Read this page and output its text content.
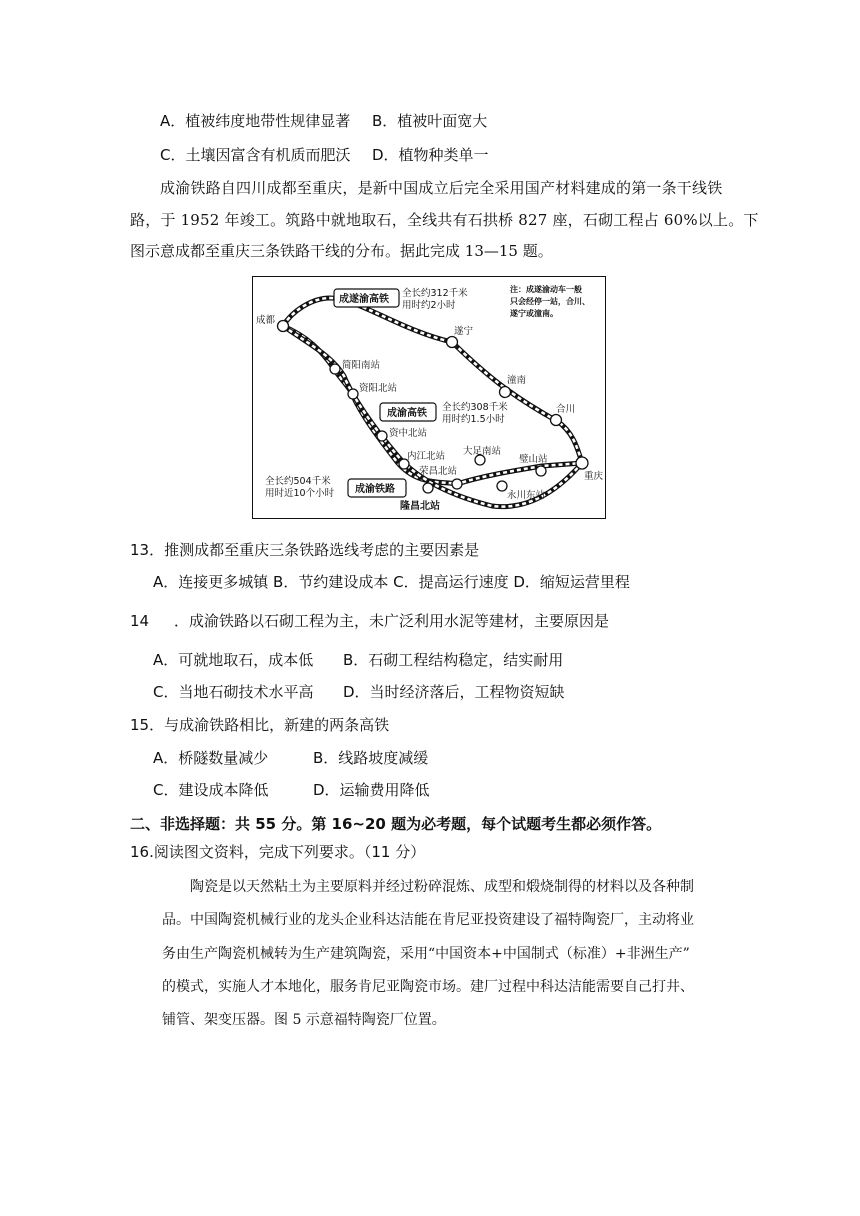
A．植被纬度地带性规律显著 B．植被叶面宽大
C．土壤因富含有机质而肥沃 D．植物种类单一
成渝铁路自四川成都至重庆，是新中国成立后完全采用国产材料建成的第一条干线铁
路，于 1952 年竣工。筑路中就地取石，全线共有石拱桥 827 座，石砌工程占 60%以上。下
图示意成都至重庆三条铁路干线的分布。据此完成 13—15 题。
成遂渝高铁
全长约312千米
用时约2小时
成渝高铁
全长约308千米
用时约1.5小时
成渝铁路
全长约504千米
用时近10个小时
注：成遂渝动车一般
只会经停一站，合川、
遂宁或潼南。
成都
遂宁
潼南
合川
重庆
简阳南站
资阳北站
资中北站
内江北站
荣昌北站
大足南站
璧山站
永川东站
隆昌北站
13．推测成都至重庆三条铁路选线考虑的主要因素是
A．连接更多城镇 B．节约建设成本 C．提高运行速度 D．缩短运营里程
14 ．成渝铁路以石砌工程为主，未广泛利用水泥等建材，主要原因是
A．可就地取石，成本低 B．石砌工程结构稳定，结实耐用
C．当地石砌技术水平高 D．当时经济落后，工程物资短缺
15．与成渝铁路相比，新建的两条高铁
A．桥隧数量减少	B．线路坡度减缓
C．建设成本降低	D．运输费用降低
二、非选择题：共 55 分。第 16~20 题为必考题，每个试题考生都必须作答。
16.阅读图文资料，完成下列要求。（11 分）
陶瓷是以天然粘土为主要原料并经过粉碎混炼、成型和煅烧制得的材料以及各种制
品。中国陶瓷机械行业的龙头企业科达洁能在肯尼亚投资建设了福特陶瓷厂，主动将业
务由生产陶瓷机械转为生产建筑陶瓷，采用“中国资本+中国制式（标准）+非洲生产”
的模式，实施人才本地化，服务肯尼亚陶瓷市场。建厂过程中科达洁能需要自己打井、
铺管、架变压器。图 5 示意福特陶瓷厂位置。
